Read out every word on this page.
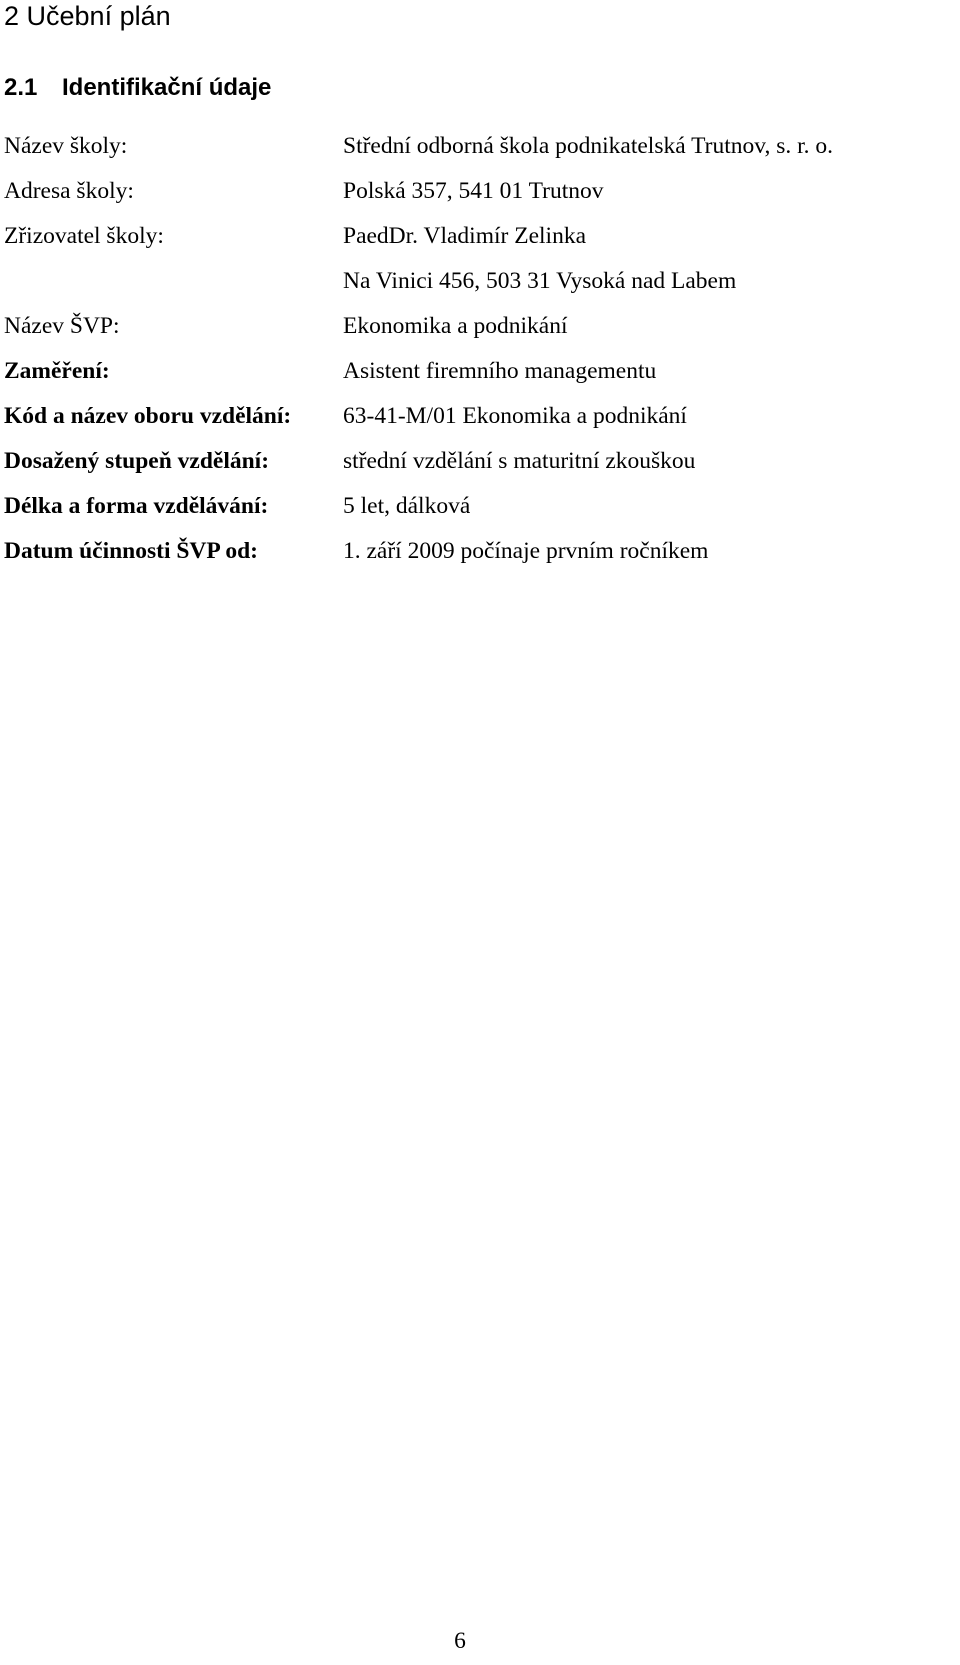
2 Učební plán
2.1 Identifikační údaje
Název školy:	Střední odborná škola podnikatelská Trutnov, s. r. o.
Adresa školy:	Polská 357, 541 01 Trutnov
Zřizovatel školy:	PaedDr. Vladimír Zelinka
Na Vinici 456, 503 31 Vysoká nad Labem
Název ŠVP:	Ekonomika a podnikání
Zaměření:	Asistent firemního managementu
Kód a název oboru vzdělání: 63-41-M/01 Ekonomika a podnikání
Dosažený stupeň vzdělání:	střední vzdělání s maturitní zkouškou
Délka a forma vzdělávání:	5 let, dálková
Datum účinnosti ŠVP od:	1. září 2009 počínaje prvním ročníkem
6
